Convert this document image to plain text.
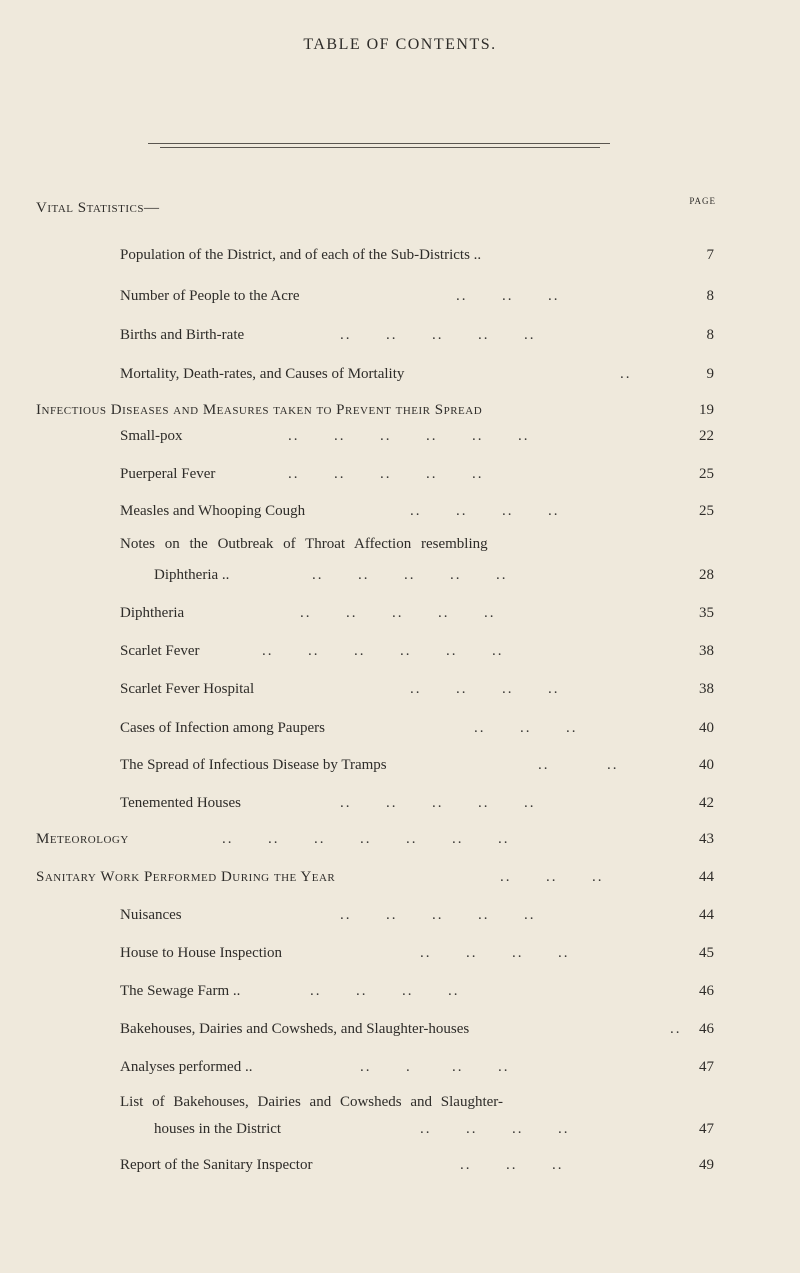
TABLE OF CONTENTS.
page
Vital Statistics—
Population of the District, and of each of the Sub-Districts ..	7
Number of People to the Acre	..      ..      ..	8
Births and Birth-rate	..      ..      ..      ..      ..	8
Mortality, Death-rates, and Causes of Mortality	..	9
Infectious Diseases and Measures taken to Prevent their Spread	19
Small-pox	..      ..      ..      ..      ..      ..	22
Puerperal Fever	..      ..      ..      ..      ..	25
Measles and Whooping Cough	..      ..      ..      ..	25
Notes on the Outbreak of Throat Affection resembling
Diphtheria ..	..      ..      ..      ..      ..	28
Diphtheria	..      ..      ..      ..      ..	35
Scarlet Fever	..      ..      ..      ..      ..      ..	38
Scarlet Fever Hospital	..      ..      ..      ..	38
Cases of Infection among Paupers	..      ..      ..	40
The Spread of Infectious Disease by Tramps	..          ..	40
Tenemented Houses	..      ..      ..      ..      ..	42
Meteorology	..      ..      ..      ..      ..      ..      ..	43
Sanitary Work Performed During the Year	..      ..      ..	44
Nuisances	..      ..      ..      ..      ..	44
House to House Inspection	..      ..      ..      ..	45
The Sewage Farm ..	..      ..      ..      ..	46
Bakehouses, Dairies and Cowsheds, and Slaughter-houses	.. 46
Analyses performed ..	..      .       ..      ..	47
List of Bakehouses, Dairies and Cowsheds and Slaughter-
houses in the District	..      ..      ..      ..	47
Report of the Sanitary Inspector	..      ..      ..	49
